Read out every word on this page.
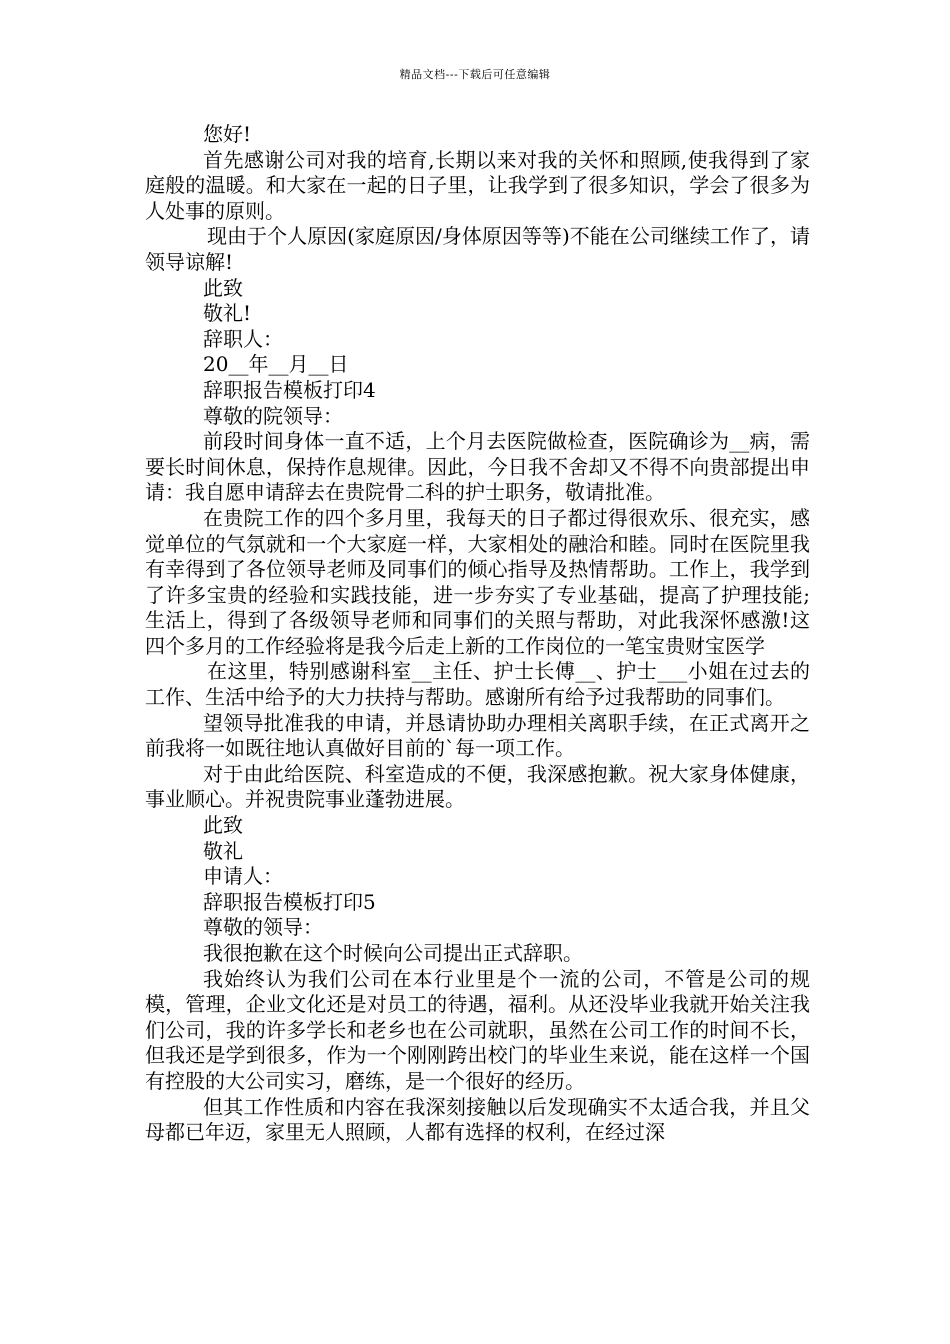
精品文档---下载后可任意编辑

您好!

首先感谢公司对我的培育,长期以来对我的关怀和照顾,使我得到了家庭般的温暖。和大家在一起的日子里，让我学到了很多知识，学会了很多为人处事的原则。

现由于个人原因(家庭原因/身体原因等等)不能在公司继续工作了，请领导谅解!

此致

敬礼!

辞职人：

20__年__月__日

辞职报告模板打印4

尊敬的院领导：

前段时间身体一直不适，上个月去医院做检查，医院确诊为__病，需要长时间休息，保持作息规律。因此，今日我不舍却又不得不向贵部提出申请：我自愿申请辞去在贵院骨二科的护士职务，敬请批准。

在贵院工作的四个多月里，我每天的日子都过得很欢乐、很充实，感觉单位的气氛就和一个大家庭一样，大家相处的融洽和睦。同时在医院里我有幸得到了各位领导老师及同事们的倾心指导及热情帮助。工作上，我学到了许多宝贵的经验和实践技能，进一步夯实了专业基础，提高了护理技能;生活上，得到了各级领导老师和同事们的关照与帮助，对此我深怀感激!这四个多月的工作经验将是我今后走上新的工作岗位的一笔宝贵财宝医学

在这里，特别感谢科室__主任、护士长傅__、护士___小姐在过去的工作、生活中给予的大力扶持与帮助。感谢所有给予过我帮助的同事们。

望领导批准我的申请，并恳请协助办理相关离职手续，在正式离开之前我将一如既往地认真做好目前的`每一项工作。

对于由此给医院、科室造成的不便，我深感抱歉。祝大家身体健康，事业顺心。并祝贵院事业蓬勃进展。

此致

敬礼

申请人：

辞职报告模板打印5

尊敬的领导：

我很抱歉在这个时候向公司提出正式辞职。

我始终认为我们公司在本行业里是个一流的公司，不管是公司的规模，管理，企业文化还是对员工的待遇，福利。从还没毕业我就开始关注我们公司，我的许多学长和老乡也在公司就职，虽然在公司工作的时间不长，但我还是学到很多，作为一个刚刚跨出校门的毕业生来说，能在这样一个国有控股的大公司实习，磨练，是一个很好的经历。

但其工作性质和内容在我深刻接触以后发现确实不太适合我，并且父母都已年迈，家里无人照顾，人都有选择的权利，在经过深
